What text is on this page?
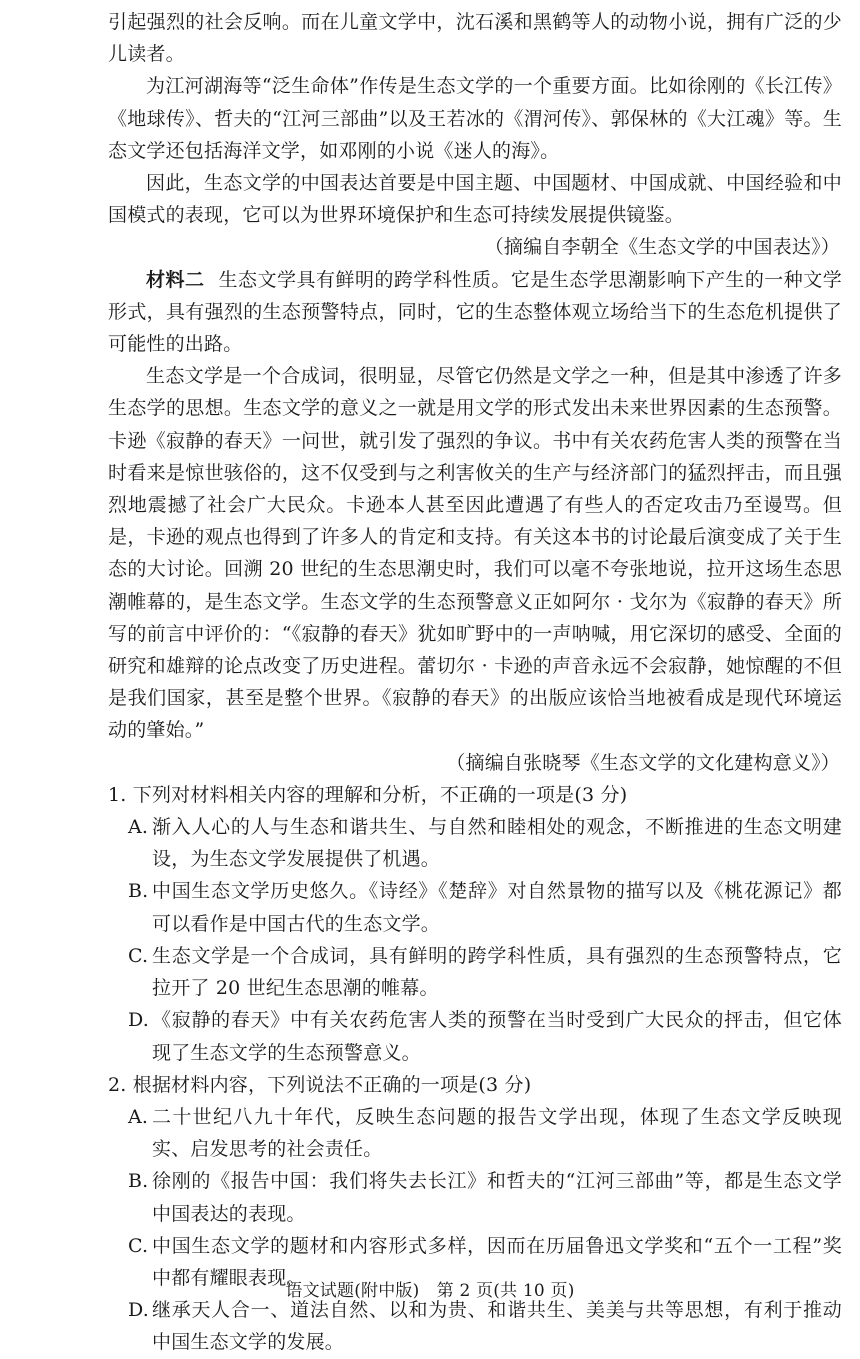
引起强烈的社会反响。而在儿童文学中，沈石溪和黑鹤等人的动物小说，拥有广泛的少儿读者。

为江河湖海等“泛生命体”作传是生态文学的一个重要方面。比如徐刚的《长江传》《地球传》、哲夫的“江河三部曲”以及王若冰的《渭河传》、郭保林的《大江魂》等。生态文学还包括海洋文学，如邓刚的小说《迷人的海》。

因此，生态文学的中国表达首要是中国主题、中国题材、中国成就、中国经验和中国模式的表现，它可以为世界环境保护和生态可持续发展提供镜鉴。

（摘编自李朝全《生态文学的中国表达》）

材料二 生态文学具有鲜明的跨学科性质。它是生态学思潮影响下产生的一种文学形式，具有强烈的生态预警特点，同时，它的生态整体观立场给当下的生态危机提供了可能性的出路。

生态文学是一个合成词，很明显，尽管它仍然是文学之一种，但是其中渗透了许多生态学的思想。生态文学的意义之一就是用文学的形式发出未来世界因素的生态预警。卡逊《寂静的春天》一问世，就引发了强烈的争议。书中有关农药危害人类的预警在当时看来是惊世骇俗的，这不仅受到与之利害攸关的生产与经济部门的猛烈抨击，而且强烈地震撼了社会广大民众。卡逊本人甚至因此遭遇了有些人的否定攻击乃至谩骂。但是，卡逊的观点也得到了许多人的肯定和支持。有关这本书的讨论最后演变成了关于生态的大讨论。回溯 20 世纪的生态思潮史时，我们可以毫不夸张地说，拉开这场生态思潮帷幕的，是生态文学。生态文学的生态预警意义正如阿尔 · 戈尔为《寂静的春天》所写的前言中评价的：“《寂静的春天》犹如旷野中的一声呐喊，用它深切的感受、全面的研究和雄辩的论点改变了历史进程。蕾切尔 · 卡逊的声音永远不会寂静，她惊醒的不但是我们国家，甚至是整个世界。《寂静的春天》的出版应该恰当地被看成是现代环境运动的肇始。”

（摘编自张晓琴《生态文学的文化建构意义》）

1. 下列对材料相关内容的理解和分析，不正确的一项是(3 分)

A. 渐入人心的人与生态和谐共生、与自然和睦相处的观念，不断推进的生态文明建设，为生态文学发展提供了机遇。
B. 中国生态文学历史悠久。《诗经》《楚辞》对自然景物的描写以及《桃花源记》都可以看作是中国古代的生态文学。
C. 生态文学是一个合成词，具有鲜明的跨学科性质，具有强烈的生态预警特点，它拉开了 20 世纪生态思潮的帷幕。
D. 《寂静的春天》中有关农药危害人类的预警在当时受到广大民众的抨击，但它体现了生态文学的生态预警意义。

2. 根据材料内容，下列说法不正确的一项是(3 分)

A. 二十世纪八九十年代，反映生态问题的报告文学出现，体现了生态文学反映现实、启发思考的社会责任。
B. 徐刚的《报告中国：我们将失去长江》和哲夫的“江河三部曲”等，都是生态文学中国表达的表现。
C. 中国生态文学的题材和内容形式多样，因而在历届鲁迅文学奖和“五个一工程”奖中都有耀眼表现。
D. 继承天人合一、道法自然、以和为贵、和谐共生、美美与共等思想，有利于推动中国生态文学的发展。
语文试题(附中版)　第 2 页(共 10 页)
